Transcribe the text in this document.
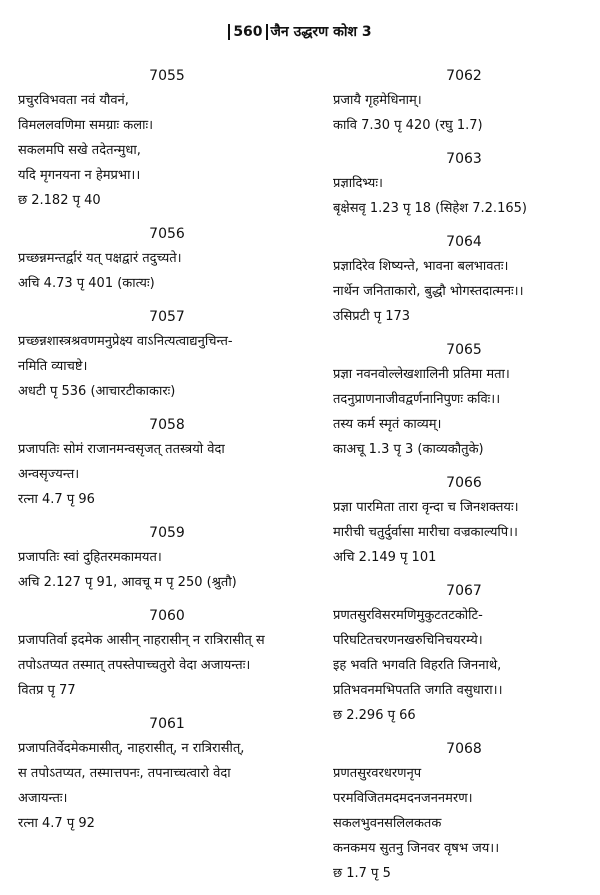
560 जैन उद्धरण कोश 3
7055
प्रचुरविभवता नवं यौवनं,
विमललवणिमा समग्राः कलाः।
सकलमपि सखे तदेतन्मुधा,
यदि मृगनयना न हेमप्रभा।।
छ 2.182 पृ 40
7056
प्रच्छन्नमन्तर्द्वारं यत् पक्षद्वारं तदुच्यते।
अचि 4.73 पृ 401 (कात्यः)
7057
प्रच्छन्नशास्त्रश्रवणमनुप्रेक्ष्य वाऽनित्यत्वाद्यनुचिन्त-
नमिति व्याचष्टे।
अधटी पृ 536 (आचारटीकाकारः)
7058
प्रजापतिः सोमं राजानमन्वसृजत् ततस्त्रयो वेदा
अन्वसृज्यन्त।
रत्ना 4.7 पृ 96
7059
प्रजापतिः स्वां दुहितरमकामयत।
अचि 2.127 पृ 91, आवचू म पृ 250 (श्रुतौ)
7060
प्रजापतिर्वा इदमेक आसीन् नाहरासीन् न रात्रिरासीत् स
तपोऽतप्यत तस्मात् तपस्तेपाच्चतुरो वेदा अजायन्तः।
वितप्र पृ 77
7061
प्रजापतिर्वेदमेकमासीत्, नाहरासीत्, न रात्रिरासीत्,
स तपोऽतप्यत, तस्मात्तपनः, तपनाच्चत्वारो वेदा
अजायन्तः।
रत्ना 4.7 पृ 92
7062
प्रजायै गृहमेधिनाम्।
कावि 7.30 पृ 420 (रघु 1.7)
7063
प्रज्ञादिभ्यः।
बृक्षेसवृ 1.23 पृ 18 (सिहेश 7.2.165)
7064
प्रज्ञादिरेव शिष्यन्ते, भावना बलभावतः।
नार्थेन जनिताकारो, बुद्धौ भोगस्तदात्मनः।।
उसिप्रटी पृ 173
7065
प्रज्ञा नवनवोल्लेखशालिनी प्रतिमा मता।
तदनुप्राणनाजीवद्वर्णनानिपुणः कविः।।
तस्य कर्म स्मृतं काव्यम्।
काअचू 1.3 पृ 3 (काव्यकौतुके)
7066
प्रज्ञा पारमिता तारा वृन्दा च जिनशक्तयः।
मारीची चतुर्दुर्वासा मारीचा वज्रकाल्यपि।।
अचि 2.149 पृ 101
7067
प्रणतसुरविसरमणिमुकुटतटकोटि-
परिघटितचरणनखरुचिनिचयरम्ये।
इह भवति भगवति विहरति जिननाथे,
प्रतिभवनमभिपतति जगति वसुधारा।।
छ 2.296 पृ 66
7068
प्रणतसुरवरधरणनृप
परमविजितमदमदनजननमरण।
सकलभुवनसलिलकतक
कनकमय सुतनु जिनवर वृषभ जय।।
छ 1.7 पृ 5
